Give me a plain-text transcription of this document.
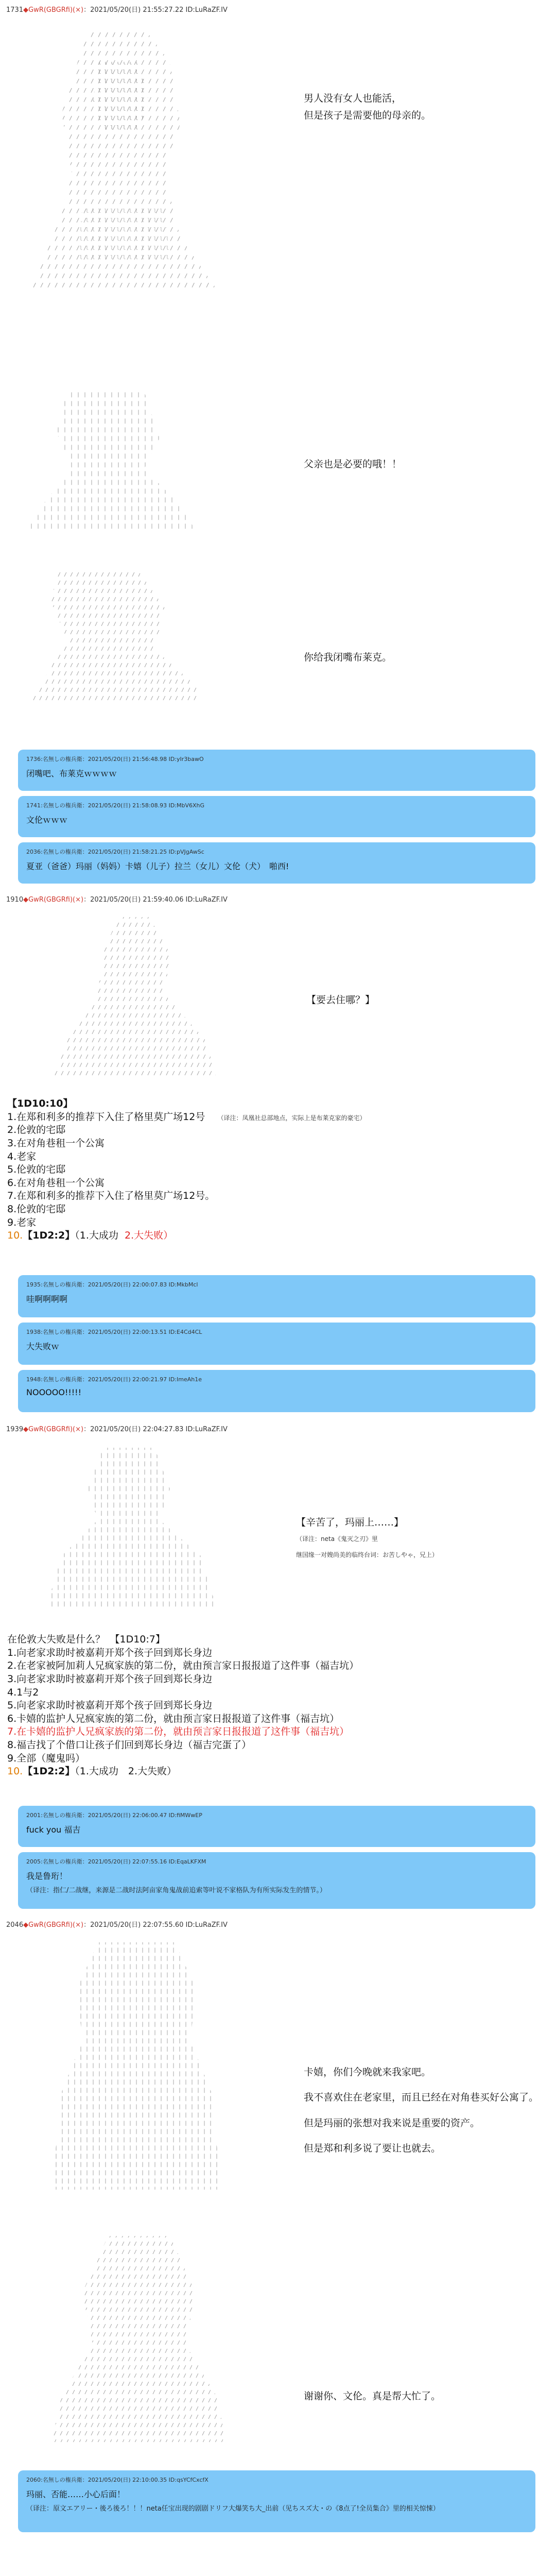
1731◆GwR(GBGRfi)(×)：2021/05/20(日) 21:55:27.22 ID:LuRaZF.IV
男人没有女人也能活，
但是孩子是需要他的母亲的。
父亲也是必要的哦！！
你给我闭嘴布莱克。
1736:名無しの権兵衛：2021/05/20(日) 21:56:48.98 ID:yIr3bawO
闭嘴吧、布莱克ｗｗｗｗ
1741:名無しの権兵衛：2021/05/20(日) 21:58:08.93 ID:MbV6XhG
文伦ｗｗｗ
2036:名無しの権兵衛：2021/05/20(日) 21:58:21.25 ID:pVJgAwSc
夏亚（爸爸）玛丽（妈妈）卡嬉（儿子）拉兰（女儿）文伦（犬）　啪西!
1910◆GwR(GBGRfi)(×)：2021/05/20(日) 21:59:40.06 ID:LuRaZF.IV
【要去住哪？】
【1D10:10】
1.在郑和利多的推荐下入住了格里莫广场12号 （译注：凤凰社总部地点，实际上是布莱克家的豪宅）
2.伦敦的宅邸
3.在对角巷租一个公寓
4.老家
5.伦敦的宅邸
6.在对角巷租一个公寓
7.在郑和利多的推荐下入住了格里莫广场12号。
8.伦敦的宅邸
9.老家
10.【1D2:2】（1.大成功 2.大失败）
1935:名無しの権兵衛：2021/05/20(日) 22:00:07.83 ID:MkbMcl
哇啊啊啊啊
1938:名無しの権兵衛：2021/05/20(日) 22:00:13.51 ID:E4Cd4CL
大失败ｗ
1948:名無しの権兵衛：2021/05/20(日) 22:00:21.97 ID:ImeAh1e
NOOOOO!!!!!
1939◆GwR(GBGRfi)(×)：2021/05/20(日) 22:04:27.83 ID:LuRaZF.IV
【辛苦了，玛丽上……】
（译注：neta《鬼灭之刃》里
继国缘一对嫂尚美的临终台词：お苦しやゃ，兄上）
在伦敦大失败是什么？　【1D10:7】
1.向老家求助时被嘉莉开郑个孩子回到郑长身边
2.在老家被阿加莉人兄疯家族的第二份，就由预言家日报报道了这件事（福吉坑）
3.向老家求助时被嘉莉开郑个孩子回到郑长身边
4.1与2
5.向老家求助时被嘉莉开郑个孩子回到郑长身边
6.卡嬉的监护人兄疯家族的第二份，就由预言家日报报道了这件事（福吉坑）
7.在卡嬉的监护人兄疯家族的第二份，就由预言家日报报道了这件事（福吉坑）
8.福吉找了个借口让孩子们回到郑长身边（福吉完蛋了）
9.全部（魔鬼吗）
10.【1D2:2】（1.大成功　2.大失败）
2001:名無しの権兵衛：2021/05/20(日) 22:06:00.47 ID:fiMWwEP
fuck you 福吉
2005:名無しの権兵衛：2021/05/20(日) 22:07:55.16 ID:EqaLKFXM
我是鲁珩！
（译注：指仁/二战继，来源是二战时法阿亩家角鬼战前追索等叶说不家格队为有所实际发生的情节。）
2046◆GwR(GBGRfi)(×)：2021/05/20(日) 22:07:55.60 ID:LuRaZF.IV
卡嬉，你们今晚就来我家吧。

我不喜欢住在老家里，而且已经在对角巷买好公寓了。

但是玛丽的张想对我来说是重要的资产。

但是郑和利多说了要让也就去。
谢谢你、文伦。真是帮大忙了。
2060:名無しの権兵衛：2021/05/20(日) 22:10:00.35 ID:qsYCfCxcfX
玛丽、否能……小心后面！
（译注：原文エアリー・後ろ後ろ！！！neta任宝出现的剧剧ドリフ大爆笑ち大_出前（见ちスズ大・の《8点了!全员集合》里的相关惊悚）
